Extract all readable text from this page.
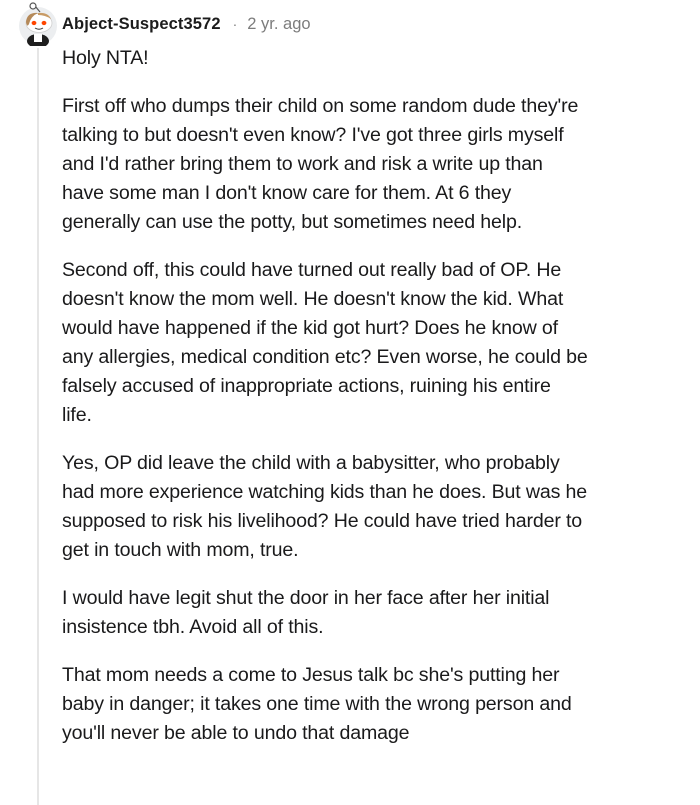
Abject-Suspect3572 · 2 yr. ago

Holy NTA!

First off who dumps their child on some random dude they're
talking to but doesn't even know? I've got three girls myself
and I'd rather bring them to work and risk a write up than
have some man I don't know care for them. At 6 they
generally can use the potty, but sometimes need help.

Second off, this could have turned out really bad of OP. He
doesn't know the mom well. He doesn't know the kid. What
would have happened if the kid got hurt? Does he know of
any allergies, medical condition etc? Even worse, he could be
falsely accused of inappropriate actions, ruining his entire
life.

Yes, OP did leave the child with a babysitter, who probably
had more experience watching kids than he does. But was he
supposed to risk his livelihood? He could have tried harder to
get in touch with mom, true.

I would have legit shut the door in her face after her initial
insistence tbh. Avoid all of this.

That mom needs a come to Jesus talk bc she's putting her
baby in danger; it takes one time with the wrong person and
you'll never be able to undo that damage
